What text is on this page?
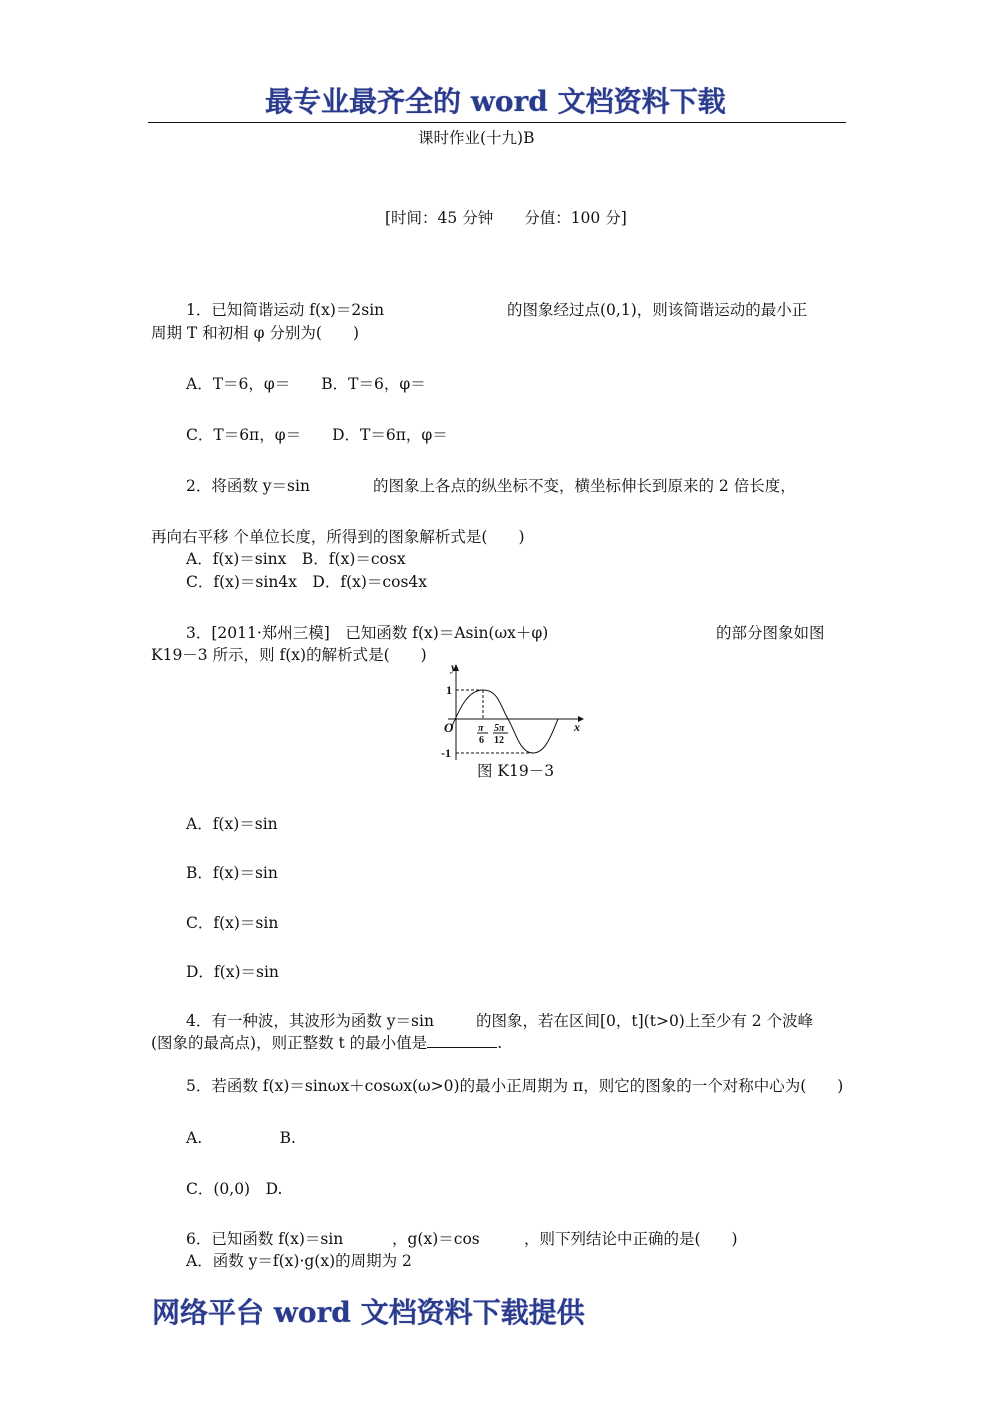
最专业最齐全的 word 文档资料下载
课时作业(十九)B
[时间：45 分钟　　分值：100 分]
1．已知简谐运动 f(x)＝2sin	的图象经过点(0,1)，则该简谐运动的最小正
周期 T 和初相 φ 分别为(　　)
A．T＝6，φ＝　　B．T＝6，φ＝
C．T＝6π，φ＝　　D．T＝6π，φ＝
2．将函数 y＝sin	的图象上各点的纵坐标不变，横坐标伸长到原来的 2 倍长度，
再向右平移 个单位长度，所得到的图象解析式是(　　)
A．f(x)＝sinx　B．f(x)＝cosx
C．f(x)＝sin4x　D．f(x)＝cos4x
3．[2011·郑州三模]　已知函数 f(x)＝Asin(ωx＋φ)	的部分图象如图
K19－3 所示，则 f(x)的解析式是(　　)
y
1
-1
O	x
π
6
5π
12
图 K19－3
A．f(x)＝sin
B．f(x)＝sin
C．f(x)＝sin
D．f(x)＝sin
4．有一种波，其波形为函数 y＝sin	的图象，若在区间[0，t](t>0)上至少有 2 个波峰
(图象的最高点)，则正整数 t 的最小值是	.
5．若函数 f(x)＝sinωx＋cosωx(ω>0)的最小正周期为 π，则它的图象的一个对称中心为(　　)
A.　　　　　B.
C．(0,0)　D.
6．已知函数 f(x)＝sin	，g(x)＝cos	，则下列结论中正确的是(　　)
A．函数 y＝f(x)·g(x)的周期为 2
网络平台 word 文档资料下载提供
